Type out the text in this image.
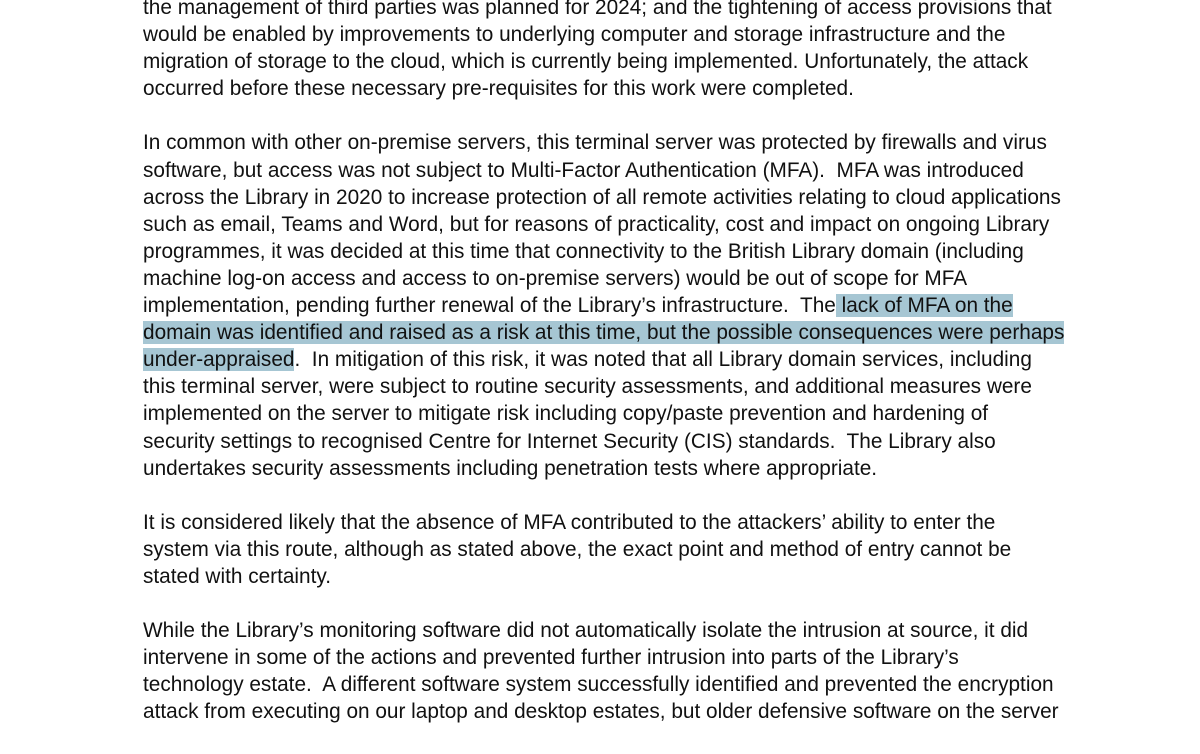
the management of third parties was planned for 2024; and the tightening of access provisions that
would be enabled by improvements to underlying computer and storage infrastructure and the
migration of storage to the cloud, which is currently being implemented. Unfortunately, the attack
occurred before these necessary pre-requisites for this work were completed.
In common with other on-premise servers, this terminal server was protected by firewalls and virus
software, but access was not subject to Multi-Factor Authentication (MFA).  MFA was introduced
across the Library in 2020 to increase protection of all remote activities relating to cloud applications
such as email, Teams and Word, but for reasons of practicality, cost and impact on ongoing Library
programmes, it was decided at this time that connectivity to the British Library domain (including
machine log-on access and access to on-premise servers) would be out of scope for MFA
implementation, pending further renewal of the Library’s infrastructure.  The lack of MFA on the
domain was identified and raised as a risk at this time, but the possible consequences were perhaps
under-appraised.  In mitigation of this risk, it was noted that all Library domain services, including
this terminal server, were subject to routine security assessments, and additional measures were
implemented on the server to mitigate risk including copy/paste prevention and hardening of
security settings to recognised Centre for Internet Security (CIS) standards.  The Library also
undertakes security assessments including penetration tests where appropriate.
It is considered likely that the absence of MFA contributed to the attackers’ ability to enter the
system via this route, although as stated above, the exact point and method of entry cannot be
stated with certainty.
While the Library’s monitoring software did not automatically isolate the intrusion at source, it did
intervene in some of the actions and prevented further intrusion into parts of the Library’s
technology estate.  A different software system successfully identified and prevented the encryption
attack from executing on our laptop and desktop estates, but older defensive software on the server
